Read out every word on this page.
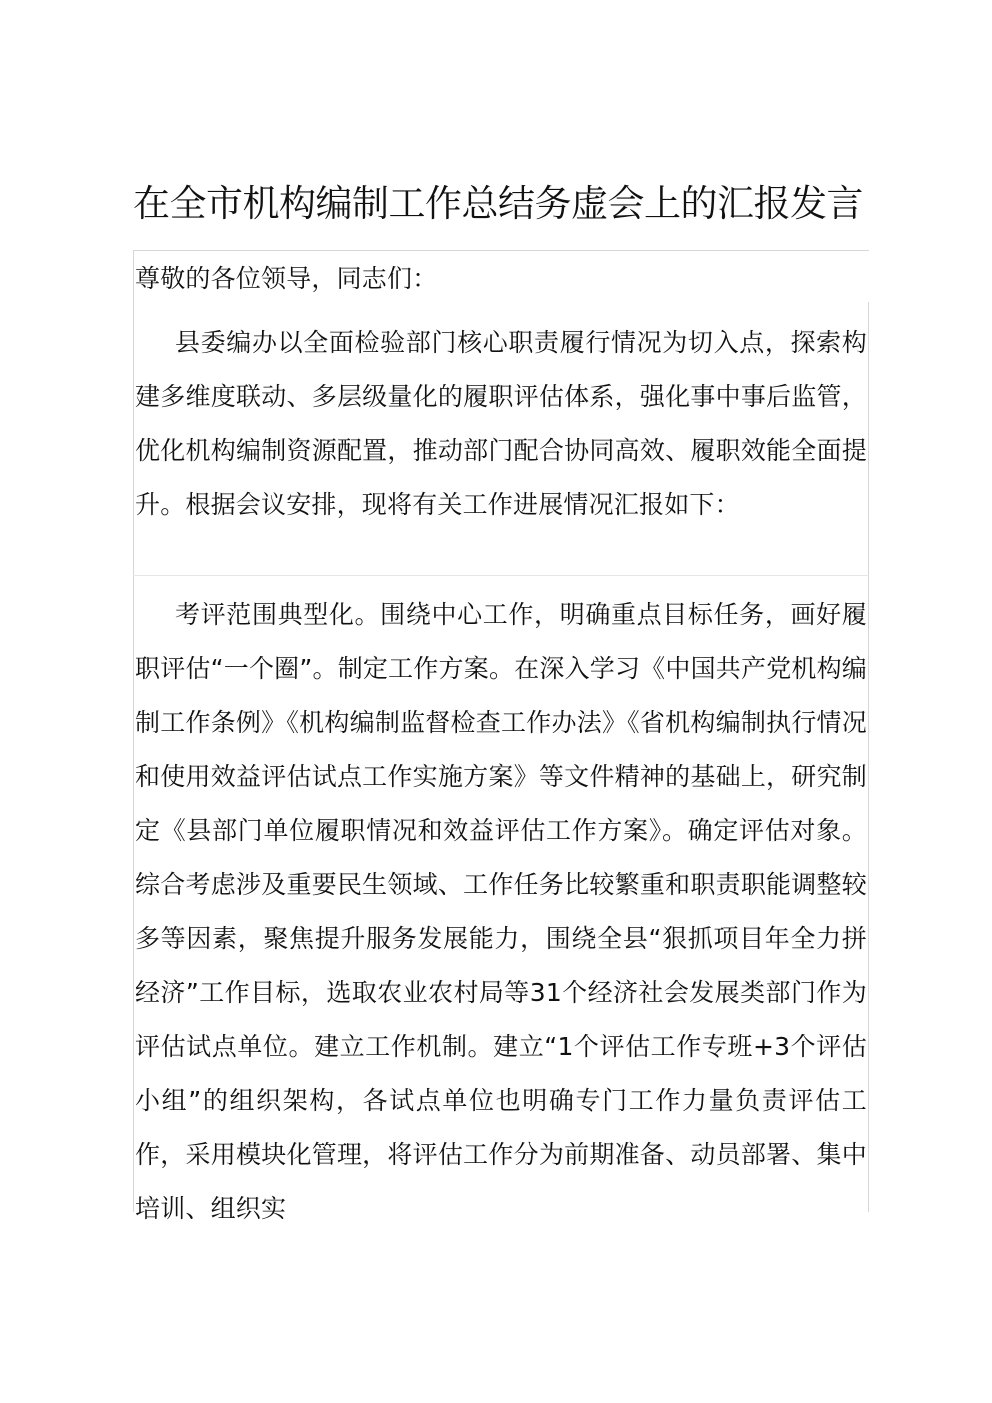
在全市机构编制工作总结务虚会上的汇报发言

尊敬的各位领导，同志们：

县委编办以全面检验部门核心职责履行情况为切入点，探索构建多维度联动、多层级量化的履职评估体系，强化事中事后监管，优化机构编制资源配置，推动部门配合协同高效、履职效能全面提升。根据会议安排，现将有关工作进展情况汇报如下：

考评范围典型化。围绕中心工作，明确重点目标任务，画好履职评估“一个圈”。制定工作方案。在深入学习《中国共产党机构编制工作条例》《机构编制监督检查工作办法》《省机构编制执行情况和使用效益评估试点工作实施方案》等文件精神的基础上，研究制定《县部门单位履职情况和效益评估工作方案》。确定评估对象。综合考虑涉及重要民生领域、工作任务比较繁重和职责职能调整较多等因素，聚焦提升服务发展能力，围绕全县“狠抓项目年全力拼经济”工作目标，选取农业农村局等31个经济社会发展类部门作为评估试点单位。建立工作机制。建立“1个评估工作专班+3个评估小组”的组织架构，各试点单位也明确专门工作力量负责评估工作，采用模块化管理，将评估工作分为前期准备、动员部署、集中培训、组织实
